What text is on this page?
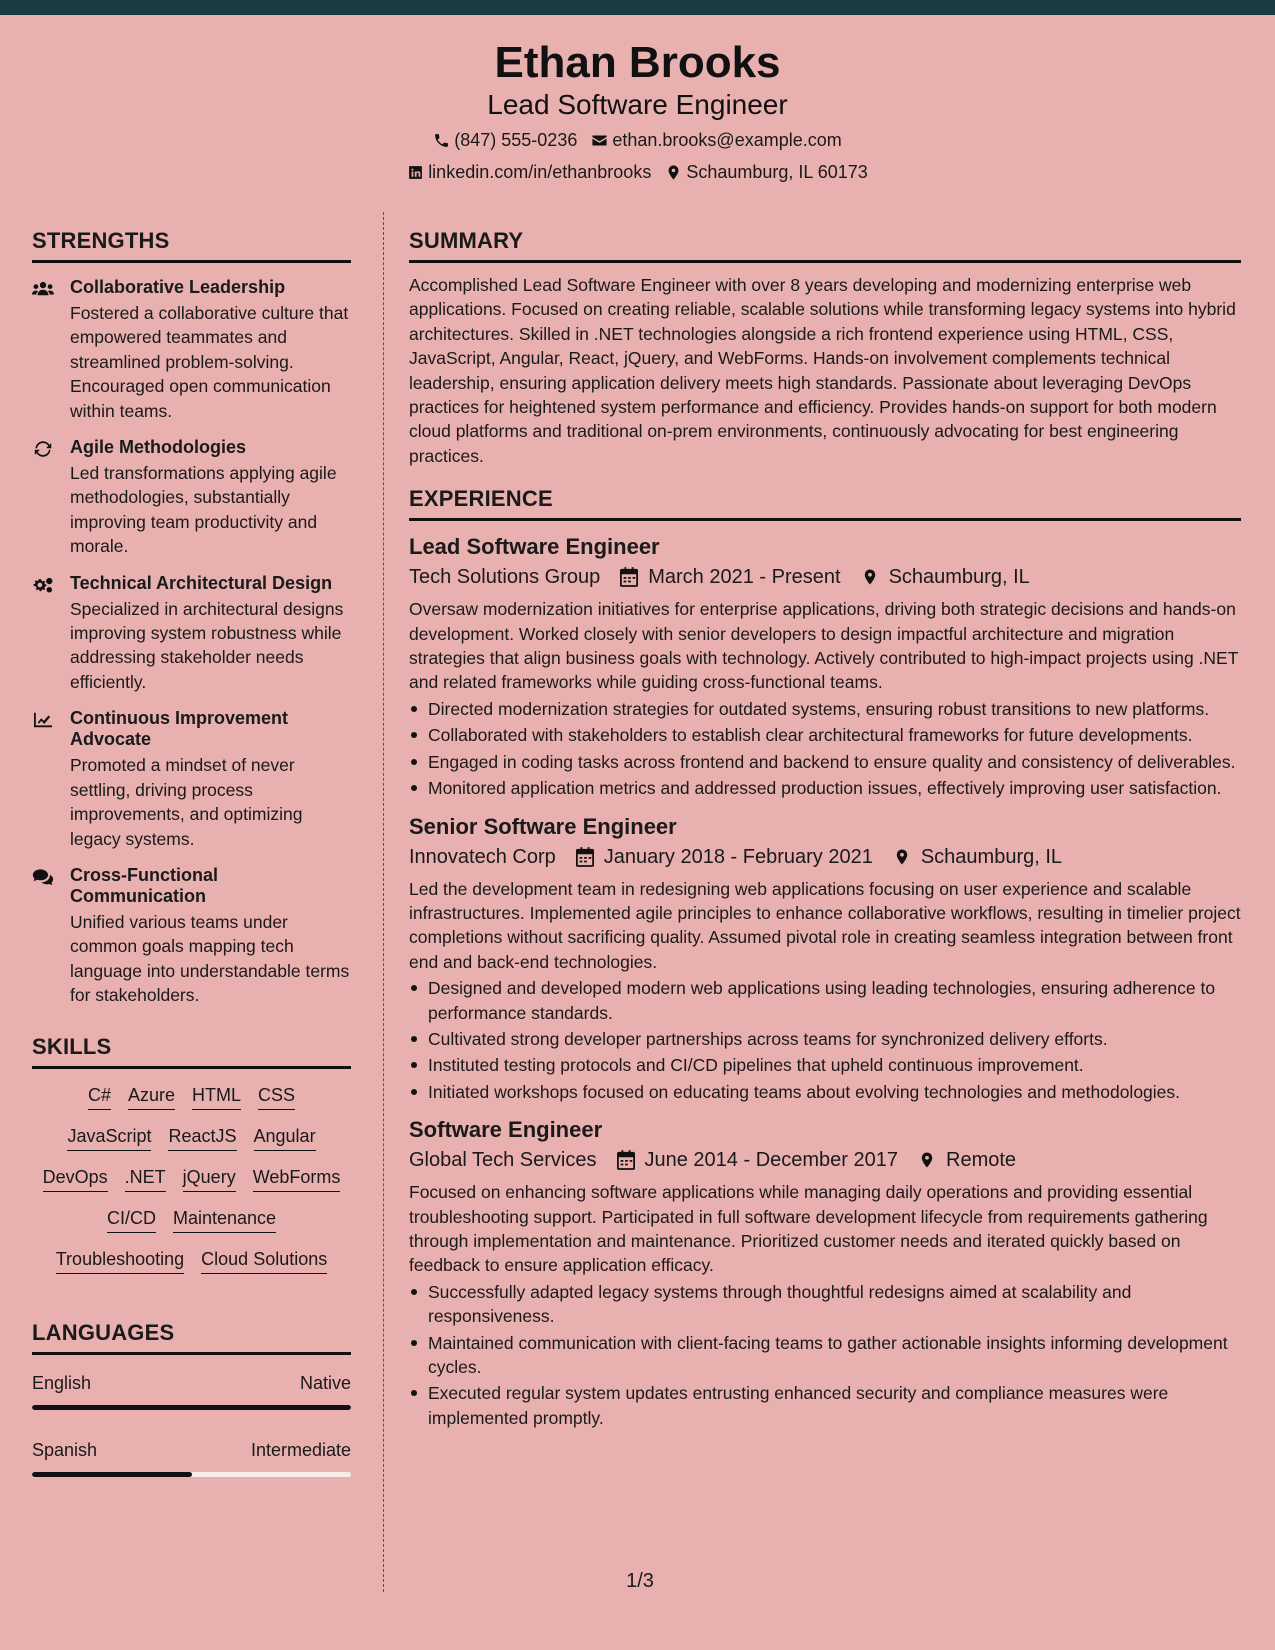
Ethan Brooks
Lead Software Engineer
(847) 555-0236 ethan.brooks@example.com
linkedin.com/in/ethanbrooks Schaumburg, IL 60173
STRENGTHS
Collaborative Leadership
Fostered a collaborative culture that empowered teammates and streamlined problem-solving. Encouraged open communication within teams.
Agile Methodologies
Led transformations applying agile methodologies, substantially improving team productivity and morale.
Technical Architectural Design
Specialized in architectural designs improving system robustness while addressing stakeholder needs efficiently.
Continuous Improvement Advocate
Promoted a mindset of never settling, driving process improvements, and optimizing legacy systems.
Cross-Functional Communication
Unified various teams under common goals mapping tech language into understandable terms for stakeholders.
SKILLS
C# Azure HTML CSS
JavaScript ReactJS Angular
DevOps .NET jQuery WebForms
CI/CD Maintenance
Troubleshooting Cloud Solutions
LANGUAGES
English	Native
Spanish	Intermediate
SUMMARY

Accomplished Lead Software Engineer with over 8 years developing and modernizing enterprise web applications. Focused on creating reliable, scalable solutions while transforming legacy systems into hybrid architectures. Skilled in .NET technologies alongside a rich frontend experience using HTML, CSS, JavaScript, Angular, React, jQuery, and WebForms. Hands-on involvement complements technical leadership, ensuring application delivery meets high standards. Passionate about leveraging DevOps practices for heightened system performance and efficiency. Provides hands-on support for both modern cloud platforms and traditional on-prem environments, continuously advocating for best engineering practices.

EXPERIENCE
Lead Software Engineer
Tech Solutions Group March 2021 - Present Schaumburg, IL

Oversaw modernization initiatives for enterprise applications, driving both strategic decisions and hands-on development. Worked closely with senior developers to design impactful architecture and migration strategies that align business goals with technology. Actively contributed to high-impact projects using .NET and related frameworks while guiding cross-functional teams.

Directed modernization strategies for outdated systems, ensuring robust transitions to new platforms.
Collaborated with stakeholders to establish clear architectural frameworks for future developments.
Engaged in coding tasks across frontend and backend to ensure quality and consistency of deliverables.
Monitored application metrics and addressed production issues, effectively improving user satisfaction.
Senior Software Engineer
Innovatech Corp January 2018 - February 2021 Schaumburg, IL

Led the development team in redesigning web applications focusing on user experience and scalable infrastructures. Implemented agile principles to enhance collaborative workflows, resulting in timelier project completions without sacrificing quality. Assumed pivotal role in creating seamless integration between front end and back-end technologies.

Designed and developed modern web applications using leading technologies, ensuring adherence to performance standards.
Cultivated strong developer partnerships across teams for synchronized delivery efforts.
Instituted testing protocols and CI/CD pipelines that upheld continuous improvement.
Initiated workshops focused on educating teams about evolving technologies and methodologies.
Software Engineer
Global Tech Services June 2014 - December 2017 Remote

Focused on enhancing software applications while managing daily operations and providing essential troubleshooting support. Participated in full software development lifecycle from requirements gathering through implementation and maintenance. Prioritized customer needs and iterated quickly based on feedback to ensure application efficacy.

Successfully adapted legacy systems through thoughtful redesigns aimed at scalability and responsiveness.
Maintained communication with client-facing teams to gather actionable insights informing development cycles.
Executed regular system updates entrusting enhanced security and compliance measures were implemented promptly.
1/3
